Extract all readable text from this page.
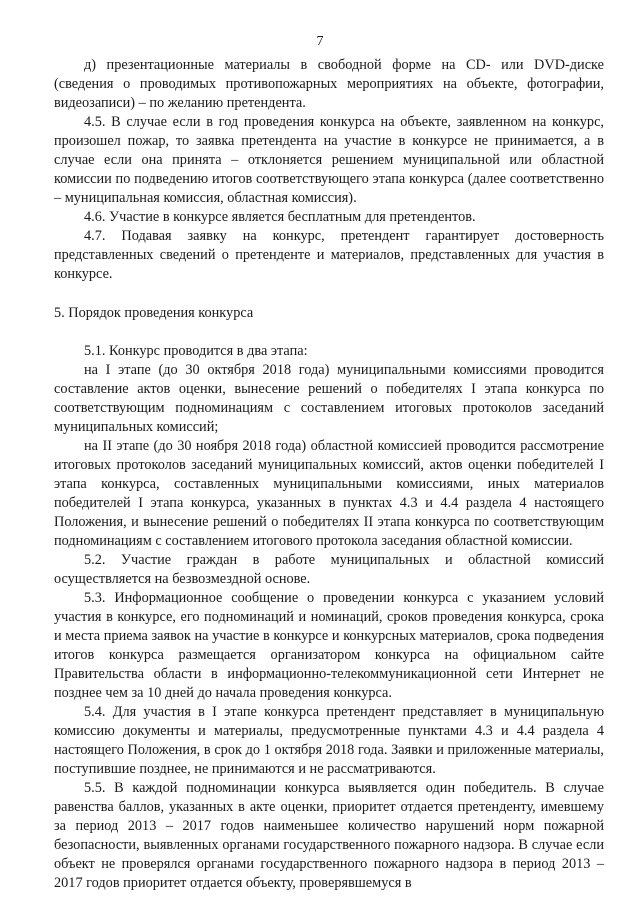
7

д) презентационные материалы в свободной форме на CD- или DVD-диске (сведения о проводимых противопожарных мероприятиях на объекте, фотографии, видеозаписи) – по желанию претендента.

4.5. В случае если в год проведения конкурса на объекте, заявленном на конкурс, произошел пожар, то заявка претендента на участие в конкурсе не принимается, а в случае если она принята – отклоняется решением муниципальной или областной комиссии по подведению итогов соответствующего этапа конкурса (далее соответственно – муниципальная комиссия, областная комиссия).

4.6. Участие в конкурсе является бесплатным для претендентов.

4.7. Подавая заявку на конкурс, претендент гарантирует достоверность представленных сведений о претенденте и материалов, представленных для участия в конкурсе.

5. Порядок проведения конкурса

5.1. Конкурс проводится в два этапа:

на I этапе (до 30 октября 2018 года) муниципальными комиссиями проводится составление актов оценки, вынесение решений о победителях I этапа конкурса по соответствующим подноминациям с составлением итоговых протоколов заседаний муниципальных комиссий;

на II этапе (до 30 ноября 2018 года) областной комиссией проводится рассмотрение итоговых протоколов заседаний муниципальных комиссий, актов оценки победителей I этапа конкурса, составленных муниципальными комиссиями, иных материалов победителей I этапа конкурса, указанных в пунктах 4.3 и 4.4 раздела 4 настоящего Положения, и вынесение решений о победителях II этапа конкурса по соответствующим подноминациям с составлением итогового протокола заседания областной комиссии.

5.2. Участие граждан в работе муниципальных и областной комиссий осуществляется на безвозмездной основе.

5.3. Информационное сообщение о проведении конкурса с указанием условий участия в конкурсе, его подноминаций и номинаций, сроков проведения конкурса, срока и места приема заявок на участие в конкурсе и конкурсных материалов, срока подведения итогов конкурса размещается организатором конкурса на официальном сайте Правительства области в информационно-телекоммуникационной сети Интернет не позднее чем за 10 дней до начала проведения конкурса.

5.4. Для участия в I этапе конкурса претендент представляет в муниципальную комиссию документы и материалы, предусмотренные пунктами 4.3 и 4.4 раздела 4 настоящего Положения, в срок до 1 октября 2018 года. Заявки и приложенные материалы, поступившие позднее, не принимаются и не рассматриваются.

5.5. В каждой подноминации конкурса выявляется один победитель. В случае равенства баллов, указанных в акте оценки, приоритет отдается претенденту, имевшему за период 2013 – 2017 годов наименьшее количество нарушений норм пожарной безопасности, выявленных органами государственного пожарного надзора. В случае если объект не проверялся органами государственного пожарного надзора в период 2013 – 2017 годов приоритет отдается объекту, проверявшемуся в
